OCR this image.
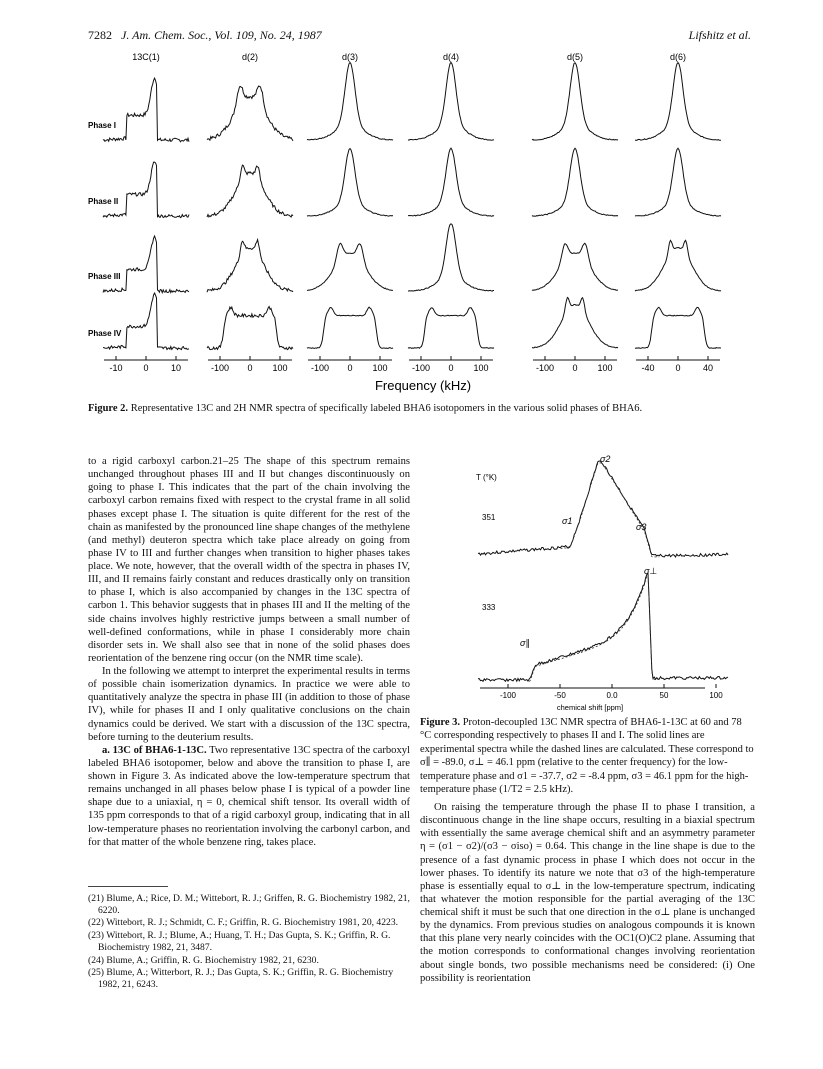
7282 J. Am. Chem. Soc., Vol. 109, No. 24, 1987	Lifshitz et al.
13C(1)	d(2)	d(3)	d(4)	d(5)	d(6)
Phase I
Phase II
Phase III
Phase IV
-10 0 10	-100 0 100	-100 0 100	-100 0 100	-100 0 100	-40 0 40
Frequency (kHz)
Figure 2. Representative 13C and 2H NMR spectra of specifically labeled BHA6 isotopomers in the various solid phases of BHA6.

to a rigid carboxyl carbon.21–25 The shape of this spectrum remains unchanged throughout phases III and II but changes discontinuously on going to phase I. This indicates that the part of the chain involving the carboxyl carbon remains fixed with respect to the crystal frame in all solid phases except phase I. The situation is quite different for the rest of the chain as manifested by the pronounced line shape changes of the methylene (and methyl) deuteron spectra which take place already on going from phase IV to III and further changes when transition to higher phases takes place. We note, however, that the overall width of the spectra in phases IV, III, and II remains fairly constant and reduces drastically only on transition to phase I, which is also accompanied by changes in the 13C spectra of carbon 1. This behavior suggests that in phases III and II the melting of the side chains involves highly restrictive jumps between a small number of well-defined conformations, while in phase I considerably more chain disorder sets in. We shall also see that in none of the solid phases does reorientation of the benzene ring occur (on the NMR time scale).

In the following we attempt to interpret the experimental results in terms of possible chain isomerization dynamics. In practice we were able to quantitatively analyze the spectra in phase III (in addition to those of phase IV), while for phases II and I only qualitative conclusions on the chain dynamics could be derived. We start with a discussion of the 13C spectra, before turning to the deuterium results.

a. 13C of BHA6-1-13C. Two representative 13C spectra of the carboxyl labeled BHA6 isotopomer, below and above the transition to phase I, are shown in Figure 3. As indicated above the low-temperature spectrum that remains unchanged in all phases below phase I is typical of a powder line shape due to a uniaxial, η = 0, chemical shift tensor. Its overall width of 135 ppm corresponds to that of a rigid carboxyl group, indicating that in all low-temperature phases no reorientation involving the carbonyl carbon, and for that matter of the whole benzene ring, takes place.

(21) Blume, A.; Rice, D. M.; Wittebort, R. J.; Griffen, R. G. Biochemistry 1982, 21, 6220.
(22) Wittebort, R. J.; Schmidt, C. F.; Griffin, R. G. Biochemistry 1981, 20, 4223.
(23) Wittebort, R. J.; Blume, A.; Huang, T. H.; Das Gupta, S. K.; Griffin, R. G. Biochemistry 1982, 21, 3487.
(24) Blume, A.; Griffin, R. G. Biochemistry 1982, 21, 6230.
(25) Blume, A.; Witterbort, R. J.; Das Gupta, S. K.; Griffin, R. G. Biochemistry 1982, 21, 6243.
T (°K)
351
333
σ2
σ1
σ3
σ⊥
σ∥
-100	-50	0.0	50	100
chemical shift [ppm]
Figure 3. Proton-decoupled 13C NMR spectra of BHA6-1-13C at 60 and 78 °C corresponding respectively to phases II and I. The solid lines are experimental spectra while the dashed lines are calculated. These correspond to σ∥ = -89.0, σ⊥ = 46.1 ppm (relative to the center frequency) for the low-temperature phase and σ1 = -37.7, σ2 = -8.4 ppm, σ3 = 46.1 ppm for the high-temperature phase (1/T2 = 2.5 kHz).

On raising the temperature through the phase II to phase I transition, a discontinuous change in the line shape occurs, resulting in a biaxial spectrum with essentially the same average chemical shift and an asymmetry parameter η = (σ1 − σ2)/(σ3 − σiso) = 0.64. This change in the line shape is due to the presence of a fast dynamic process in phase I which does not occur in the lower phases. To identify its nature we note that σ3 of the high-temperature phase is essentially equal to σ⊥ in the low-temperature spectrum, indicating that whatever the motion responsible for the partial averaging of the 13C chemical shift it must be such that one direction in the σ⊥ plane is unchanged by the dynamics. From previous studies on analogous compounds it is known that this plane very nearly coincides with the OC1(O)C2 plane. Assuming that the motion corresponds to conformational changes involving reorientation about single bonds, two possible mechanisms need be considered: (i) One possibility is reorientation
